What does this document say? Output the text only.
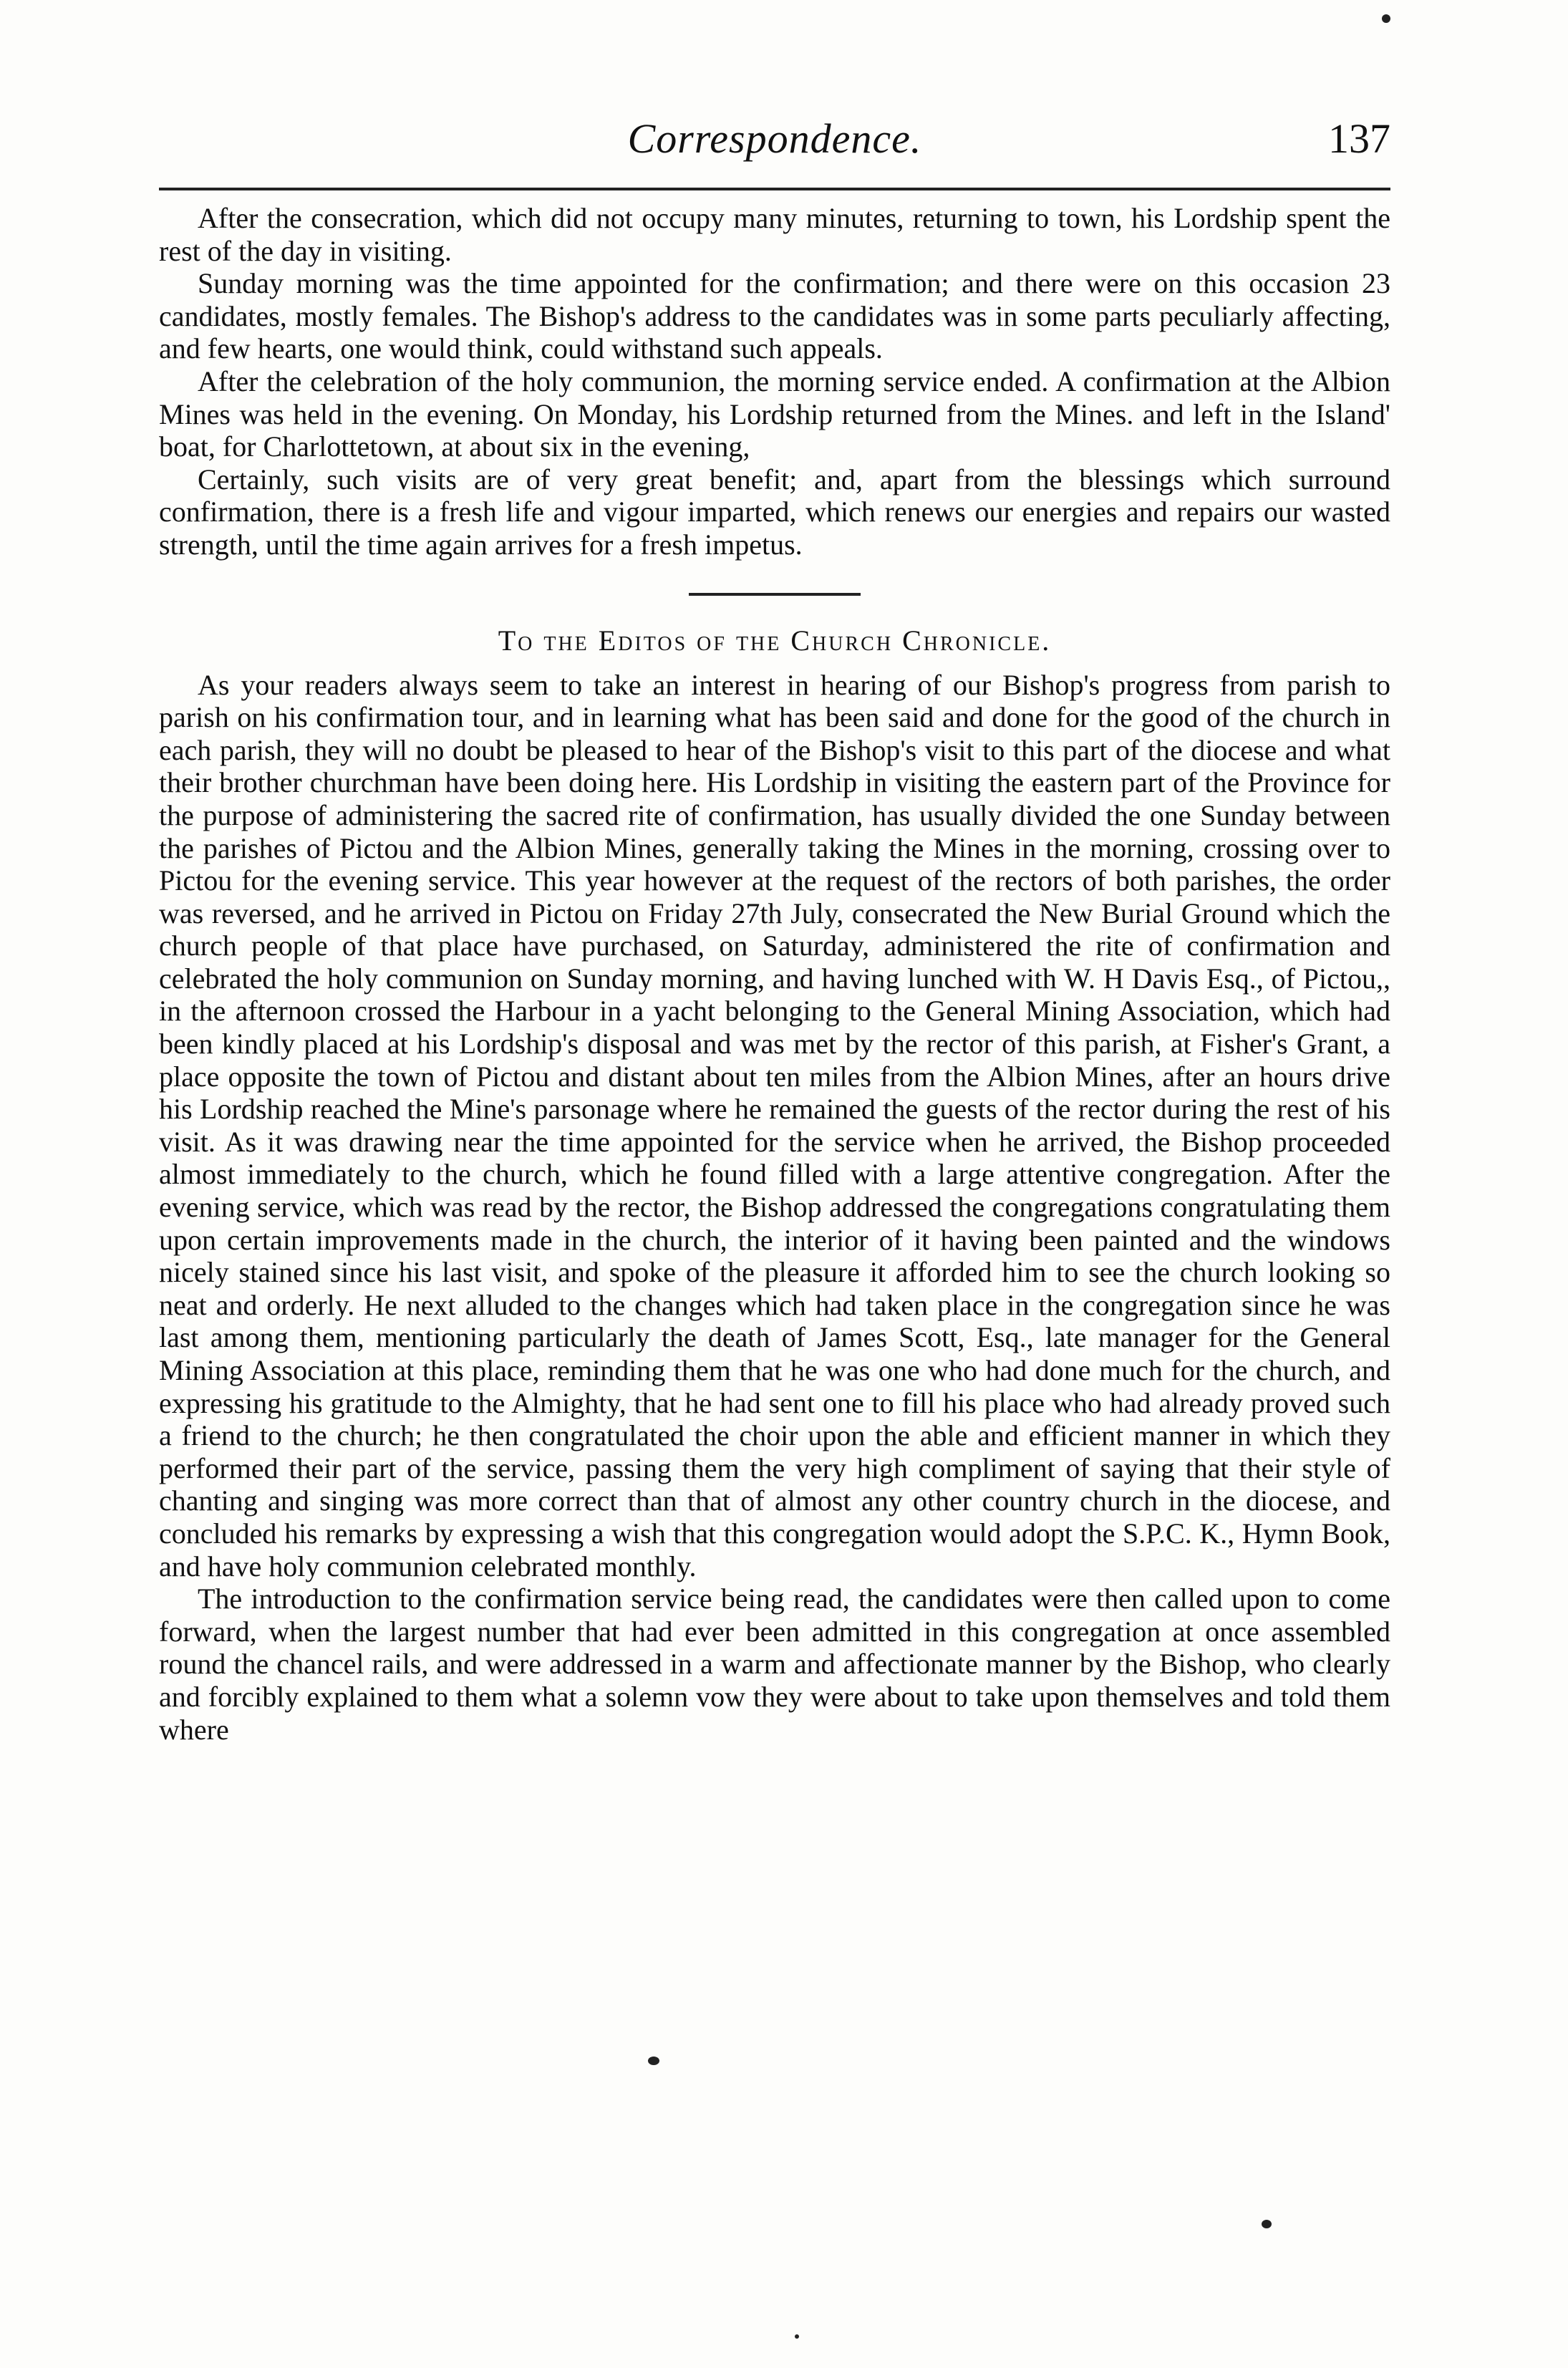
Correspondence.	137

After the consecration, which did not occupy many minutes, returning to town, his Lordship spent the rest of the day in visiting.

Sunday morning was the time appointed for the confirmation; and there were on this occasion 23 candidates, mostly females. The Bishop's address to the candidates was in some parts peculiarly affecting, and few hearts, one would think, could withstand such appeals.

After the celebration of the holy communion, the morning service ended. A confirmation at the Albion Mines was held in the evening. On Monday, his Lordship returned from the Mines. and left in the Island' boat, for Charlottetown, at about six in the evening,

Certainly, such visits are of very great benefit; and, apart from the blessings which surround confirmation, there is a fresh life and vigour imparted, which renews our energies and repairs our wasted strength, until the time again arrives for a fresh impetus.

To the Editos of the Church Chronicle.

As your readers always seem to take an interest in hearing of our Bishop's progress from parish to parish on his confirmation tour, and in learning what has been said and done for the good of the church in each parish, they will no doubt be pleased to hear of the Bishop's visit to this part of the diocese and what their brother churchman have been doing here. His Lordship in visiting the eastern part of the Province for the purpose of administering the sacred rite of confirmation, has usually divided the one Sunday between the parishes of Pictou and the Albion Mines, generally taking the Mines in the morning, crossing over to Pictou for the evening service. This year however at the request of the rectors of both parishes, the order was reversed, and he arrived in Pictou on Friday 27th July, consecrated the New Burial Ground which the church people of that place have purchased, on Saturday, administered the rite of confirmation and celebrated the holy communion on Sunday morning, and having lunched with W. H Davis Esq., of Pictou,, in the afternoon crossed the Harbour in a yacht belonging to the General Mining Association, which had been kindly placed at his Lordship's disposal and was met by the rector of this parish, at Fisher's Grant, a place opposite the town of Pictou and distant about ten miles from the Albion Mines, after an hours drive his Lordship reached the Mine's parsonage where he remained the guests of the rector during the rest of his visit. As it was drawing near the time appointed for the service when he arrived, the Bishop proceeded almost immediately to the church, which he found filled with a large attentive congregation. After the evening service, which was read by the rector, the Bishop addressed the congregations congratulating them upon certain improvements made in the church, the interior of it having been painted and the windows nicely stained since his last visit, and spoke of the pleasure it afforded him to see the church looking so neat and orderly. He next alluded to the changes which had taken place in the congregation since he was last among them, mentioning particularly the death of James Scott, Esq., late manager for the General Mining Association at this place, reminding them that he was one who had done much for the church, and expressing his gratitude to the Almighty, that he had sent one to fill his place who had already proved such a friend to the church; he then congratulated the choir upon the able and efficient manner in which they performed their part of the service, passing them the very high compliment of saying that their style of chanting and singing was more correct than that of almost any other country church in the diocese, and concluded his remarks by expressing a wish that this congregation would adopt the S.P.C. K., Hymn Book, and have holy communion celebrated monthly.

The introduction to the confirmation service being read, the candidates were then called upon to come forward, when the largest number that had ever been admitted in this congregation at once assembled round the chancel rails, and were addressed in a warm and affectionate manner by the Bishop, who clearly and forcibly explained to them what a solemn vow they were about to take upon themselves and told them where
